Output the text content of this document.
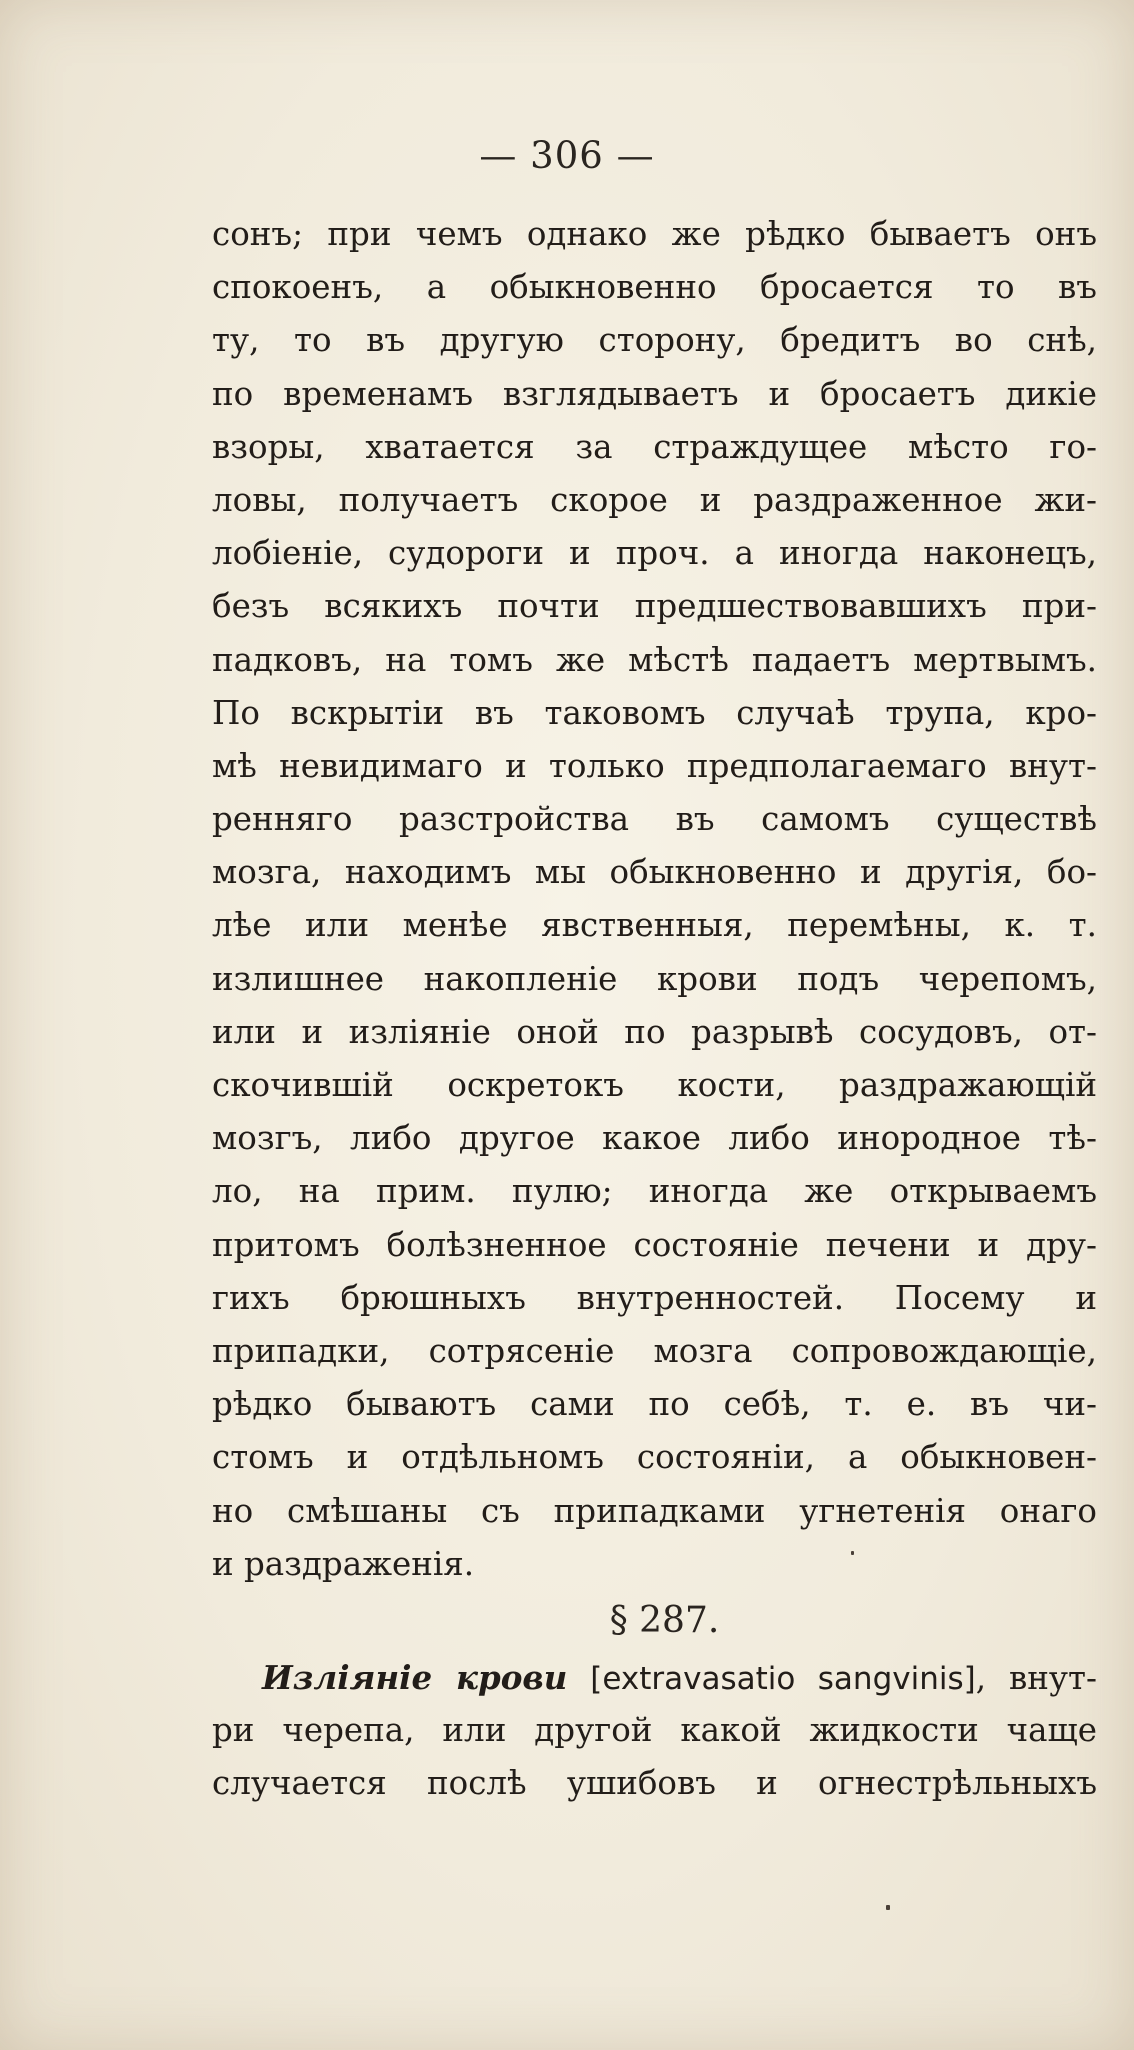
— 306 —
сонъ; при чемъ однако же рѣдко бываетъ онъ
спокоенъ, а обыкновенно бросается то въ
ту, то въ другую сторону, бредитъ во снѣ,
по временамъ взглядываетъ и бросаетъ дикіе
взоры, хватается за страждущее мѣсто го-
ловы, получаетъ скорое и раздраженное жи-
лобіеніе, судороги и проч. а иногда наконецъ,
безъ всякихъ почти предшествовавшихъ при-
падковъ, на томъ же мѣстѣ падаетъ мертвымъ.
По вскрытіи въ таковомъ случаѣ трупа, кро-
мѣ невидимаго и только предполагаемаго внут-
ренняго разстройства въ самомъ существѣ
мозга, находимъ мы обыкновенно и другія, бо-
лѣе или менѣе явственныя, перемѣны, к. т.
излишнее накопленіе крови подъ черепомъ,
или и изліяніе оной по разрывѣ сосудовъ, от-
скочившій оскретокъ кости, раздражающій
мозгъ, либо другое какое либо инородное тѣ-
ло, на прим. пулю; иногда же открываемъ
притомъ болѣзненное состояніе печени и дру-
гихъ брюшныхъ внутренностей. Посему и
припадки, сотрясеніе мозга сопровождающіе,
рѣдко бываютъ сами по себѣ, т. е. въ чи-
стомъ и отдѣльномъ состояніи, а обыкновен-
но смѣшаны съ припадками угнетенія онаго
и раздраженія.
§ 287.
Изліяніе крови [extravasatio sangvinis], внут-
ри черепа, или другой какой жидкости чаще
случается послѣ ушибовъ и огнестрѣльныхъ
